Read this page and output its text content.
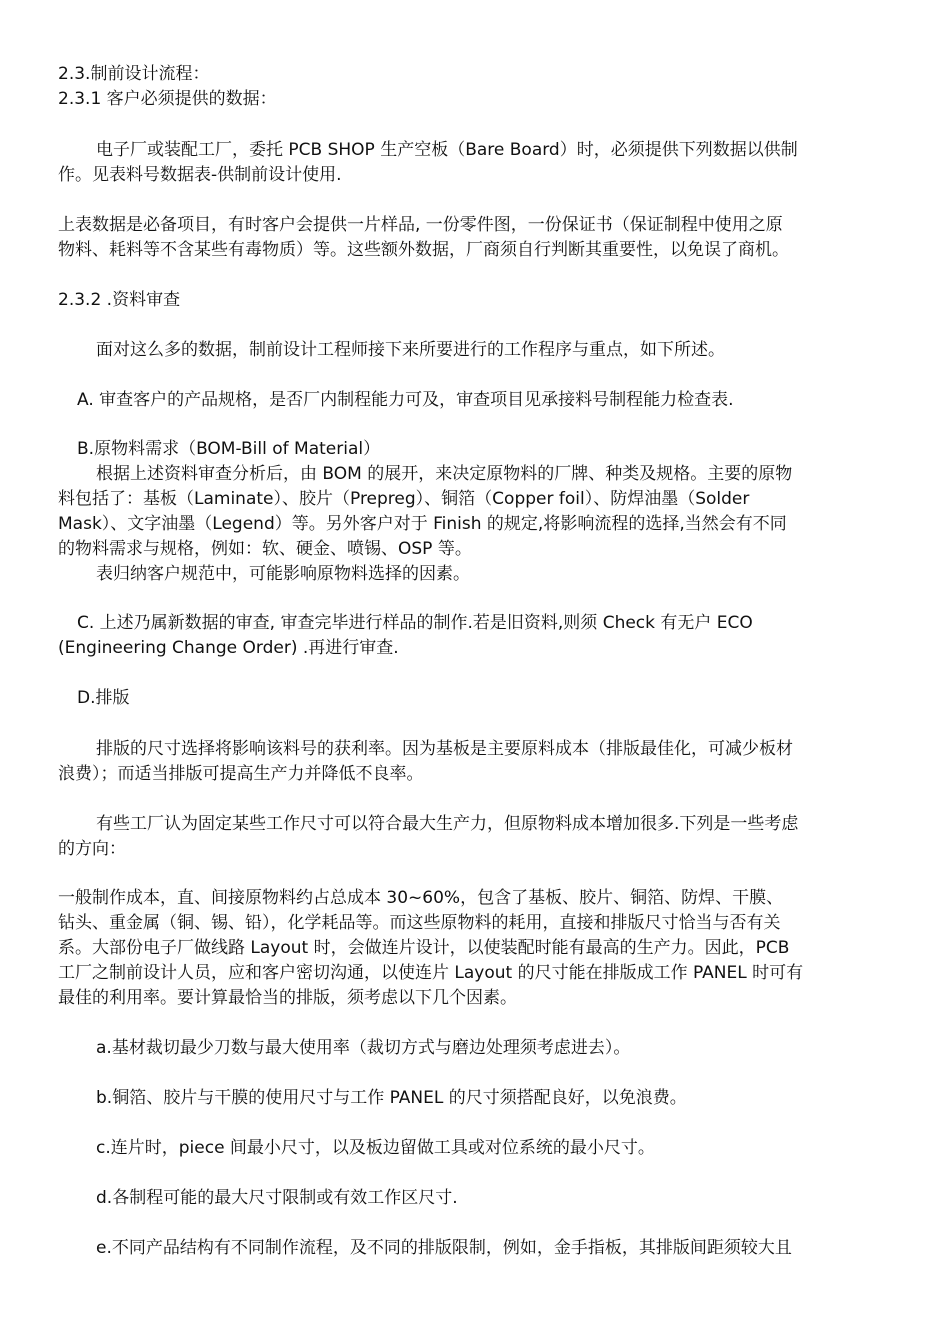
2.3.制前设计流程：

2.3.1 客户必须提供的数据：

电子厂或装配工厂，委托 PCB SHOP 生产空板（Bare Board）时，必须提供下列数据以供制

作。见表料号数据表-供制前设计使用.

上表数据是必备项目，有时客户会提供一片样品, 一份零件图，一份保证书（保证制程中使用之原

物料、耗料等不含某些有毒物质）等。这些额外数据，厂商须自行判断其重要性，以免误了商机。

2.3.2 .资料审查

面对这么多的数据，制前设计工程师接下来所要进行的工作程序与重点，如下所述。

A. 审查客户的产品规格，是否厂内制程能力可及，审查项目见承接料号制程能力检查表.

B.原物料需求（BOM-Bill of Material）

根据上述资料审查分析后，由 BOM 的展开，来决定原物料的厂牌、种类及规格。主要的原物

料包括了：基板（Laminate）、胶片（Prepreg）、铜箔（Copper foil）、防焊油墨（Solder

Mask）、文字油墨（Legend）等。另外客户对于 Finish 的规定,将影响流程的选择,当然会有不同

的物料需求与规格，例如：软、硬金、喷锡、OSP 等。

表归纳客户规范中，可能影响原物料选择的因素。

C. 上述乃属新数据的审查, 审查完毕进行样品的制作.若是旧资料,则须 Check 有无户 ECO

(Engineering Change Order) .再进行审查.

D.排版

排版的尺寸选择将影响该料号的获利率。因为基板是主要原料成本（排版最佳化，可减少板材

浪费）；而适当排版可提高生产力并降低不良率。

有些工厂认为固定某些工作尺寸可以符合最大生产力，但原物料成本增加很多.下列是一些考虑

的方向：

一般制作成本，直、间接原物料约占总成本 30~60%，包含了基板、胶片、铜箔、防焊、干膜、

钻头、重金属（铜、锡、铅），化学耗品等。而这些原物料的耗用，直接和排版尺寸恰当与否有关

系。大部份电子厂做线路 Layout 时，会做连片设计，以使装配时能有最高的生产力。因此，PCB

工厂之制前设计人员，应和客户密切沟通，以使连片 Layout 的尺寸能在排版成工作 PANEL 时可有

最佳的利用率。要计算最恰当的排版，须考虑以下几个因素。

a.基材裁切最少刀数与最大使用率（裁切方式与磨边处理须考虑进去）。

b.铜箔、胶片与干膜的使用尺寸与工作 PANEL 的尺寸须搭配良好，以免浪费。

c.连片时，piece 间最小尺寸，以及板边留做工具或对位系统的最小尺寸。

d.各制程可能的最大尺寸限制或有效工作区尺寸.

e.不同产品结构有不同制作流程，及不同的排版限制，例如，金手指板，其排版间距须较大且
